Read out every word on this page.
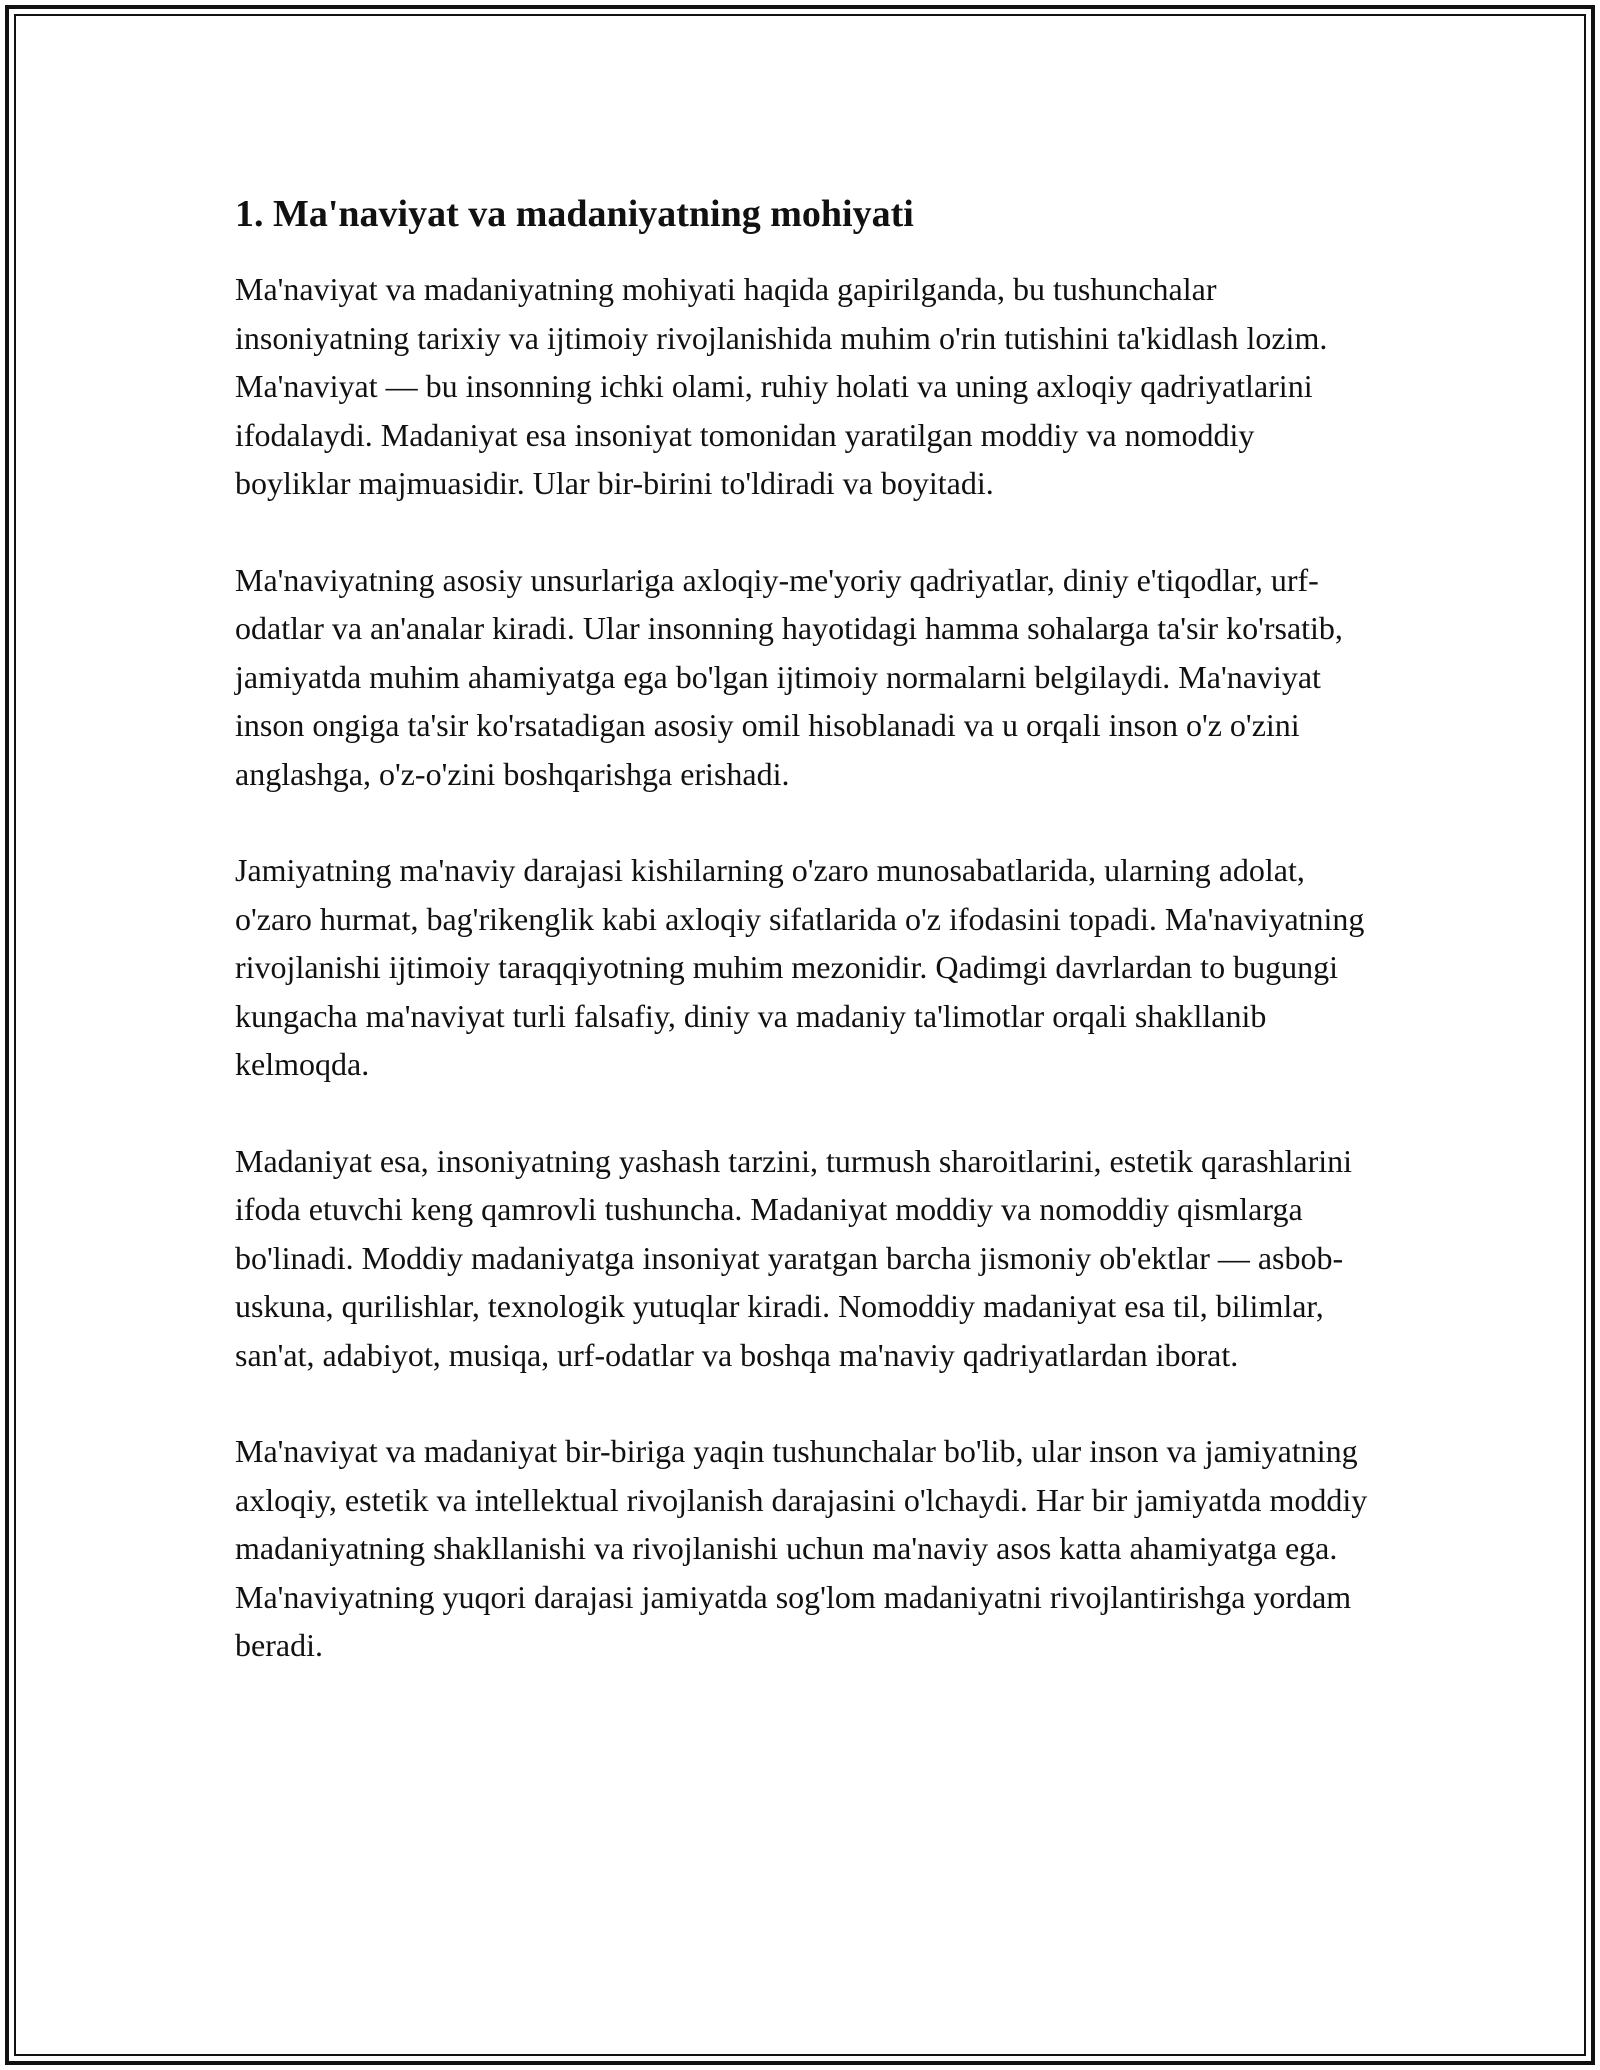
1. Ma'naviyat va madaniyatning mohiyati

Ma'naviyat va madaniyatning mohiyati haqida gapirilganda, bu tushunchalar insoniyatning tarixiy va ijtimoiy rivojlanishida muhim o'rin tutishini ta'kidlash lozim. Ma'naviyat — bu insonning ichki olami, ruhiy holati va uning axloqiy qadriyatlarini ifodalaydi. Madaniyat esa insoniyat tomonidan yaratilgan moddiy va nomoddiy boyliklar majmuasidir. Ular bir-birini to'ldiradi va boyitadi.

Ma'naviyatning asosiy unsurlariga axloqiy-me'yoriy qadriyatlar, diniy e'tiqodlar, urf-odatlar va an'analar kiradi. Ular insonning hayotidagi hamma sohalarga ta'sir ko'rsatib, jamiyatda muhim ahamiyatga ega bo'lgan ijtimoiy normalarni belgilaydi. Ma'naviyat inson ongiga ta'sir ko'rsatadigan asosiy omil hisoblanadi va u orqali inson o'z o'zini anglashga, o'z-o'zini boshqarishga erishadi.

Jamiyatning ma'naviy darajasi kishilarning o'zaro munosabatlarida, ularning adolat, o'zaro hurmat, bag'rikenglik kabi axloqiy sifatlarida o'z ifodasini topadi. Ma'naviyatning rivojlanishi ijtimoiy taraqqiyotning muhim mezonidir. Qadimgi davrlardan to bugungi kungacha ma'naviyat turli falsafiy, diniy va madaniy ta'limotlar orqali shakllanib kelmoqda.

Madaniyat esa, insoniyatning yashash tarzini, turmush sharoitlarini, estetik qarashlarini ifoda etuvchi keng qamrovli tushuncha. Madaniyat moddiy va nomoddiy qismlarga bo'linadi. Moddiy madaniyatga insoniyat yaratgan barcha jismoniy ob'ektlar — asbob-uskuna, qurilishlar, texnologik yutuqlar kiradi. Nomoddiy madaniyat esa til, bilimlar, san'at, adabiyot, musiqa, urf-odatlar va boshqa ma'naviy qadriyatlardan iborat.

Ma'naviyat va madaniyat bir-biriga yaqin tushunchalar bo'lib, ular inson va jamiyatning axloqiy, estetik va intellektual rivojlanish darajasini o'lchaydi. Har bir jamiyatda moddiy madaniyatning shakllanishi va rivojlanishi uchun ma'naviy asos katta ahamiyatga ega. Ma'naviyatning yuqori darajasi jamiyatda sog'lom madaniyatni rivojlantirishga yordam beradi.
